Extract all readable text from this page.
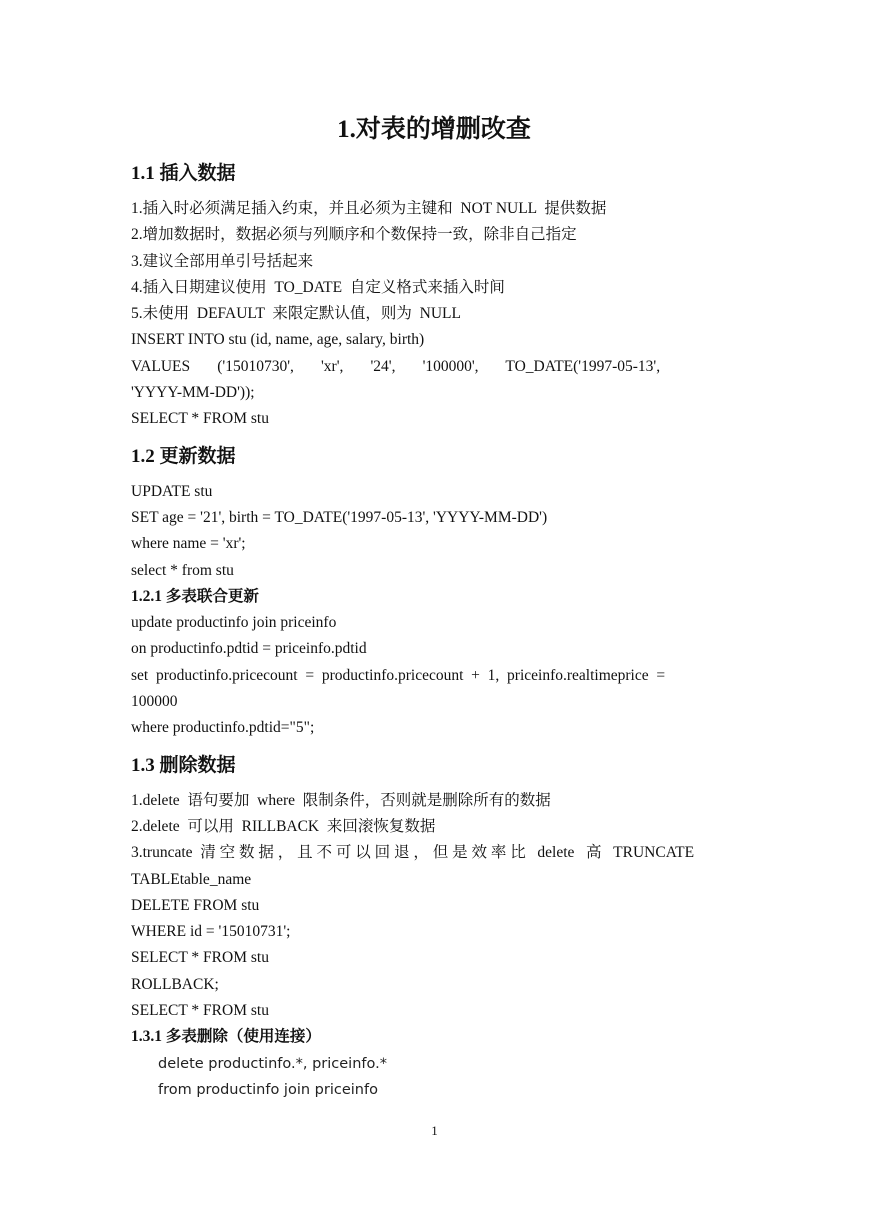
1.对表的增删改查
1.1 插入数据

1.插入时必须满足插入约束，并且必须为主键和  NOT NULL  提供数据

2.增加数据时，数据必须与列顺序和个数保持一致，除非自己指定

3.建议全部用单引号括起来

4.插入日期建议使用  TO_DATE  自定义格式来插入时间

5.未使用  DEFAULT  来限定默认值，则为  NULL

INSERT INTO stu (id, name, age, salary, birth)

VALUES       ('15010730',       'xr',       '24',       '100000',       TO_DATE('1997-05-13',

'YYYY-MM-DD'));

SELECT * FROM stu

1.2 更新数据

UPDATE stu

SET age = '21', birth = TO_DATE('1997-05-13', 'YYYY-MM-DD')

where name = 'xr';

select * from stu

1.2.1 多表联合更新

update productinfo join priceinfo

on productinfo.pdtid = priceinfo.pdtid

set  productinfo.pricecount  =  productinfo.pricecount  +  1,  priceinfo.realtimeprice  =

100000

where productinfo.pdtid="5";

1.3 删除数据

1.delete  语句要加  where  限制条件，否则就是删除所有的数据

2.delete  可以用  RILLBACK  来回滚恢复数据

3.truncate  清 空 数 据 ， 且 不 可 以 回 退 ， 但 是 效 率 比   delete   高   TRUNCATE

TABLEtable_name

DELETE FROM stu

WHERE id = '15010731';

SELECT * FROM stu

ROLLBACK;

SELECT * FROM stu

1.3.1 多表删除（使用连接）

delete productinfo.*, priceinfo.*

from productinfo join priceinfo

1
